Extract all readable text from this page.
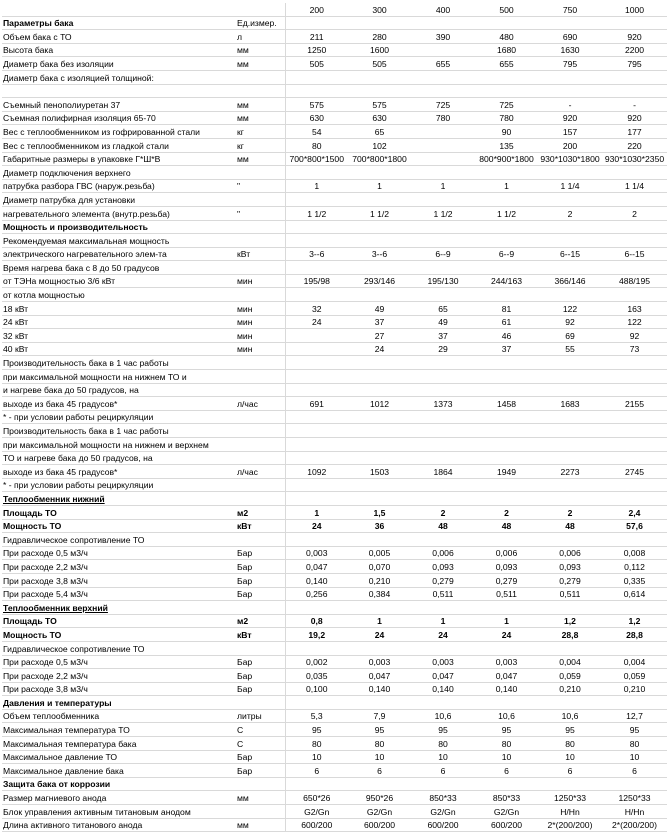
		200	300	400	500	750	1000
Параметры бака	Ед.измер.						
Объем бака с ТО	л	211	280	390	480	690	920
Высота бака	мм	1250	1600		1680	1630	2200
Диаметр бака без изоляции	мм	505	505	655	655	795	795
Диаметр бака с изоляцией толщиной:							

Съемный пенополиуретан 37	мм	575	575	725	725	-	-
Съемная полифирная изоляция 65-70	мм	630	630	780	780	920	920
Вес с теплообменником из гофрированной стали	кг	54	65		90	157	177
Вес с теплообменником из гладкой стали	кг	80	102		135	200	220
Габаритные размеры в упаковке Г*Ш*В	мм	700*800*1500	700*800*1800		800*900*1800	930*1030*1800	930*1030*2350
Диаметр подключения верхнего							
патрубка разбора ГВС (наруж.резьба)	"	1	1	1	1	1 1/4	1 1/4
Диаметр патрубка для установки							
нагревательного элемента (внутр.резьба)	"	1 1/2	1 1/2	1 1/2	1 1/2	2	2
Мощность и производительность							
Рекомендуемая максимальная мощность							
электрического нагревательного элем-та	кВт	3--6	3--6	6--9	6--9	6--15	6--15
Время нагрева бака с 8 до 50 градусов							
от ТЭНа мощностью 3/6 кВт	мин	195/98	293/146	195/130	244/163	366/146	488/195
от котла мощностью							
18 кВт	мин	32	49	65	81	122	163
24 кВт	мин	24	37	49	61	92	122
32 кВт	мин		27	37	46	69	92
40 кВт	мин		24	29	37	55	73
Производительность бака в 1 час работы							
при максимальной мощности на нижнем ТО и							
и нагреве бака до 50 градусов, на							
выходе из бака 45 градусов*	л/час	691	1012	1373	1458	1683	2155
* - при условии работы рециркуляции							
Производительность бака в 1 час работы							
при максимальной мощности на нижнем и верхнем							
ТО и нагреве бака до 50 градусов, на							
выходе из бака 45 градусов*	л/час	1092	1503	1864	1949	2273	2745
* - при условии работы рециркуляции							
Теплообменник нижний							
Площадь ТО	м2	1	1,5	2	2	2	2,4
Мощность ТО	кВт	24	36	48	48	48	57,6
Гидравлическое сопротивление ТО							
При расходе 0,5 м3/ч	Бар	0,003	0,005	0,006	0,006	0,006	0,008
При расходе 2,2 м3/ч	Бар	0,047	0,070	0,093	0,093	0,093	0,112
При расходе 3,8 м3/ч	Бар	0,140	0,210	0,279	0,279	0,279	0,335
При расходе 5,4 м3/ч	Бар	0,256	0,384	0,511	0,511	0,511	0,614
Теплообменник верхний							
Площадь ТО	м2	0,8	1	1	1	1,2	1,2
Мощность ТО	кВт	19,2	24	24	24	28,8	28,8
Гидравлическое сопротивление ТО							
При расходе 0,5 м3/ч	Бар	0,002	0,003	0,003	0,003	0,004	0,004
При расходе 2,2 м3/ч	Бар	0,035	0,047	0,047	0,047	0,059	0,059
При расходе 3,8 м3/ч	Бар	0,100	0,140	0,140	0,140	0,210	0,210
Давления и температуры							
Объем теплообменника	литры	5,3	7,9	10,6	10,6	10,6	12,7
Максимальная температура ТО	С	95	95	95	95	95	95
Максимальная температура бака	С	80	80	80	80	80	80
Максимальное давление ТО	Бар	10	10	10	10	10	10
Максимальное давление бака	Бар	6	6	6	6	6	6
Защита бака от коррозии							
Размер магниевого анода	мм	650*26	950*26	850*33	850*33	1250*33	1250*33
Блок управления активным титановым анодом		G2/Gn	G2/Gn	G2/Gn	G2/Gn	H/Hn	H/Hn
Длина активного титанового анода	мм	600/200	600/200	600/200	600/200	2*(200/200)	2*(200/200)
